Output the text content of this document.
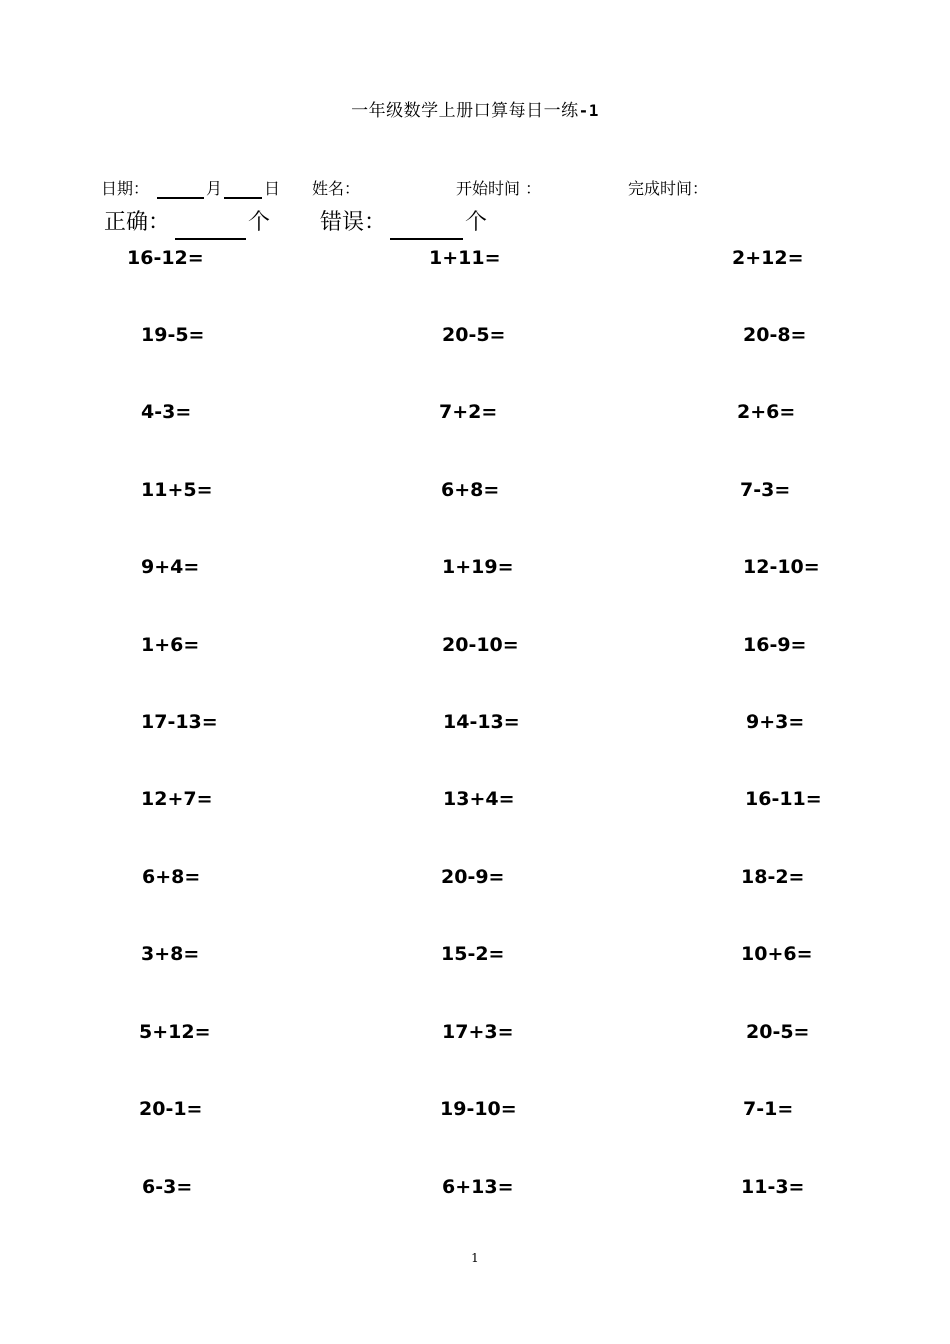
一年级数学上册口算每日一练-1
日期：	月	日 姓名：	开始时间 ：	完成时间：
正确：	个 错误：	个
16-12=	1+11=	2+12=
19-5=	20-5=	20-8=
4-3=	7+2=	2+6=
11+5=	6+8=	7-3=
9+4=	1+19=	12-10=
1+6=	20-10=	16-9=
17-13=	14-13=	9+3=
12+7=	13+4=	16-11=
6+8=	20-9=	18-2=
3+8=	15-2=	10+6=
5+12=	17+3=	20-5=
20-1=	19-10=	7-1=
6-3=	6+13=	11-3=
1
